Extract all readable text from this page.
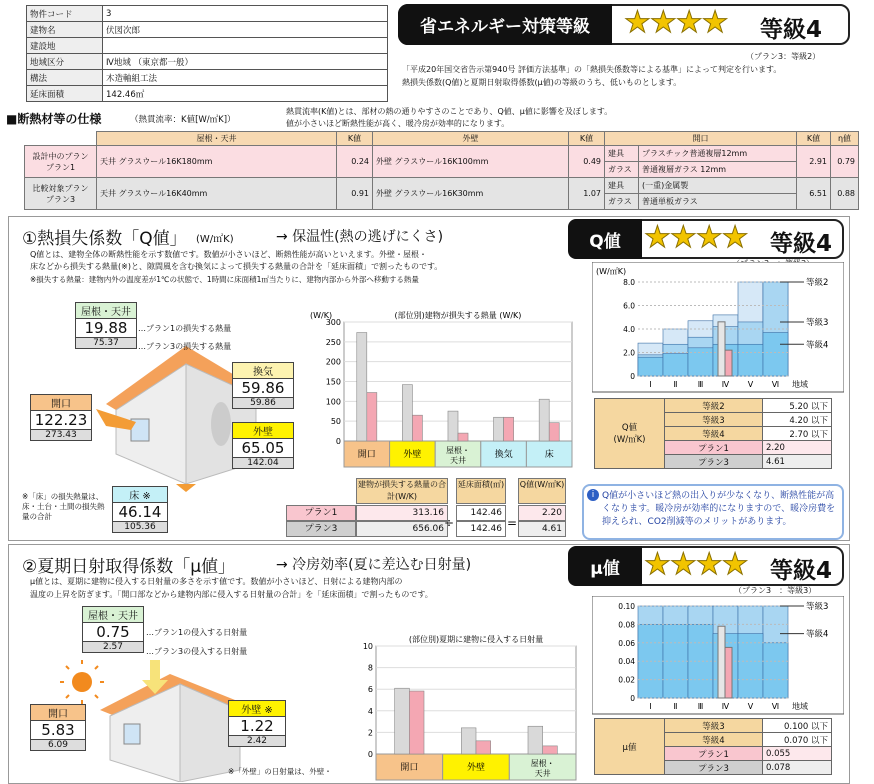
物件コード	3
建物名	伏図次郎
建設地	
地域区分	Ⅳ地域 （東京都一般）
構法	木造軸組工法
延床面積	142.46㎡
省エネルギー対策等級	★★★★ 等級4
（プラン3：等級2）
「平成20年国交省告示第940号 評価方法基準」の「熱損失係数等による基準」によって判定を行います。
熱損失係数(Q値)と夏期日射取得係数(μ値)の等級のうち、低いものとします。
■断熱材等の仕様	（熱貫流率：K値[W/㎡K]）
熱貫流率(K値)とは、部材の熱の通りやすさのことであり、Q値、μ値に影響を及ぼします。
値が小さいほど断熱性能が高く、暖冷房が効率的になります。
	屋根・天井	K値	外壁	K値	開口		K値	η値
設計中のプラン
プラン1	天井 グラスウール16K180mm	0.24	外壁 グラスウール16K100mm	0.49	建具	プラスチック普通複層12mm	2.91	0.79
					ガラス	普通複層ガラス 12mm		
比較対象プラン
プラン3	天井 グラスウール16K40mm	0.91	外壁 グラスウール16K30mm	1.07	建具	(一重)金属製	6.51	0.88
					ガラス	普通単板ガラス		
①熱損失係数「Q値」 (W/㎡K)	→ 保温性(熱の逃げにくさ)
Q値とは、建物全体の断熱性能を示す数値です。数値が小さいほど、断熱性能が高いといえます。外壁・屋根・
床などから損失する熱量(※)と、隙間風を含む換気によって損失する熱量の合計を「延床面積」で割ったものです。
※損失する熱量：建物内外の温度差が1℃の状態で、1時間に床面積1㎡当たりに、建物内部から外部へ移動する熱量
Q値 ★★★★ 等級4
屋根・天井
19.88
75.37
…プラン1の損失する熱量
…プラン3の損失する熱量
換気
59.86
59.86
開口
122.23
273.43	外壁
65.05
142.04
床 ※
46.14
105.36
※「床」の損失熱量は、床・土台・土間の損失熱量の合計
(部位別)建物が損失する熱量 (W/K)
(W/K)
0
50
100
150
200
250
300
開口	外壁	屋根・
天井
換気	床
建物が損失する熱量の合計(W/K)
延床面積(㎡) Q値(W/㎡K)
プラン1	313.16	142.46	2.20
プラン3	656.06	142.46	4.61
÷	=
(W/㎡K)
0
2.0
4.0
6.0
8.0
Ⅰ	Ⅱ	Ⅲ Ⅳ Ⅴ Ⅵ 地域
等級2
等級3
等級4
Q値
(W/㎡K)	等級2	5.20 以下
	等級3	4.20 以下
	等級4	2.70 以下
	プラン1	2.20
	プラン3	4.61
i Q値が小さいほど熱の出入りが少なくなり、断熱性能が高くなります。暖冷房が効率的になりますので、暖冷房費を抑えられ、CO2削減等のメリットがあります。
②夏期日射取得係数「μ値」	→ 冷房効率(夏に差込む日射量)
μ値とは、夏期に建物に侵入する日射量の多さを示す値です。数値が小さいほど、日射による建物内部の
温度の上昇を防ぎます。「開口部などから建物内部に侵入する日射量の合計」を「延床面積」で割ったものです。
μ値 ★★★★ 等級4
（プラン3　：等級3）
屋根・天井
0.75
2.57
…プラン1の侵入する日射量
…プラン3の侵入する日射量
開口
5.83
6.09
外壁 ※
1.22
2.42
※「外壁」の日射量は、外壁・
(部位別)夏期に建物に侵入する日射量
0
2
4
6
8
10
開口	外壁	屋根・
天井
0
0.02
0.04
0.06
0.08
0.10
Ⅰ	Ⅱ	Ⅲ Ⅳ Ⅴ Ⅵ 地域
等級3
等級4
μ値	等級3	0.100 以下
	等級4	0.070 以下
	プラン1	0.055
	プラン3	0.078
